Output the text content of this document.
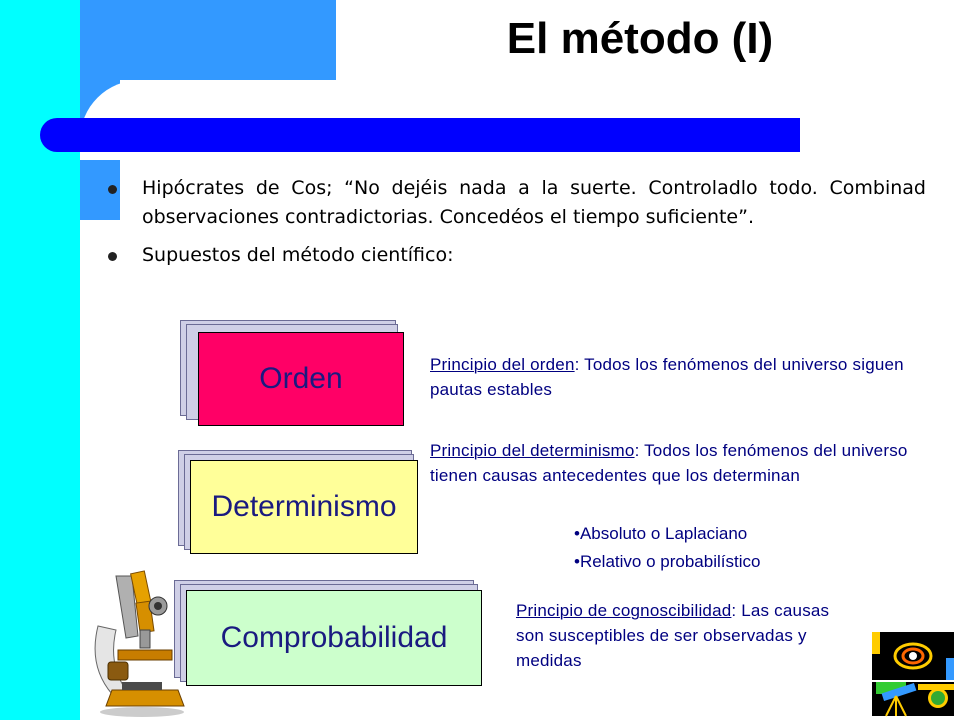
El método (I)
Hipócrates de Cos; “No dejéis nada a la suerte. Controladlo todo. Combinad observaciones contradictorias. Concedéos el tiempo suficiente”.
Supuestos del método científico:
Orden
Determinismo
Comprobabilidad
Principio del orden: Todos los fenómenos del universo siguen pautas estables
Principio del determinismo: Todos los fenómenos del universo tienen causas antecedentes que los determinan
•Absoluto o Laplaciano
•Relativo o probabilístico
Principio de cognoscibilidad: Las causas son susceptibles de ser observadas y medidas
